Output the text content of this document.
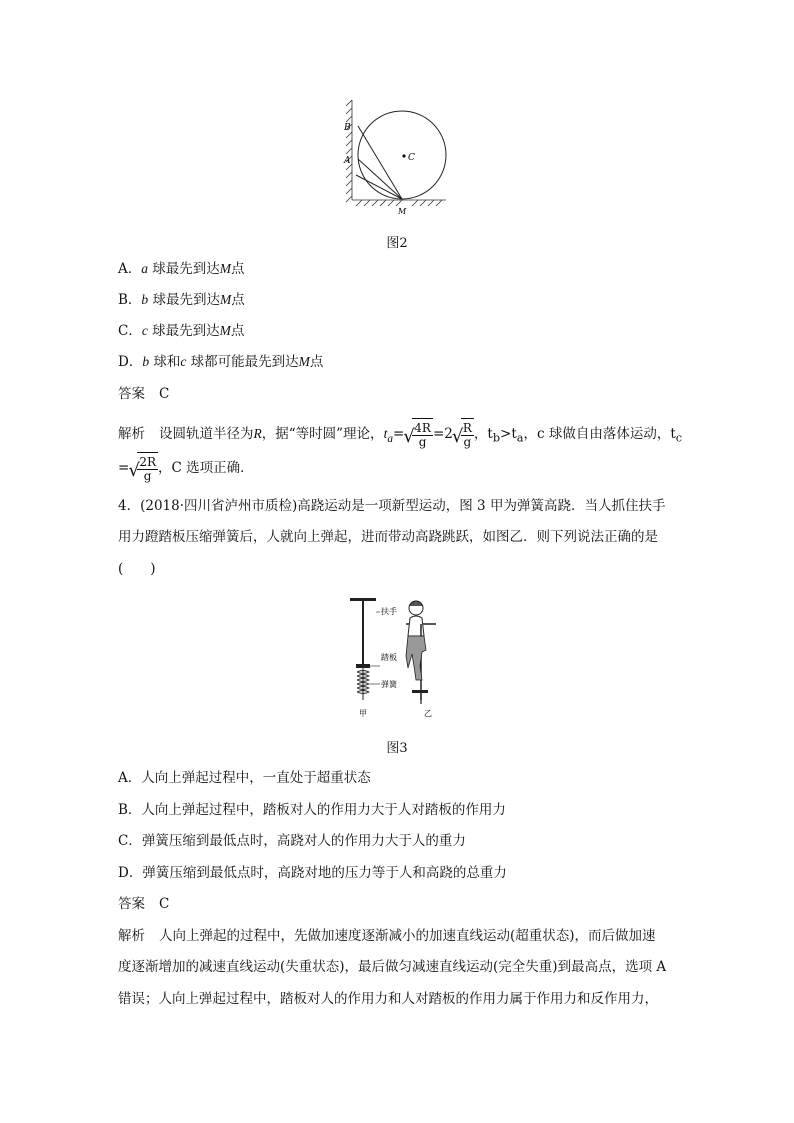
B
A	C
M
图2
A．a 球最先到达M点
B．b 球最先到达M点
C．c 球最先到达M点
D．b 球和c 球都可能最先到达M点
答案 C
解析 设圆轨道半径为R，据“等时圆”理论，$t_a=$ √ $\frac{4R}{g} =2$ √ $\frac{R}{g}$ ，$t_b>t_a$，c 球做自由落体运动，$t_c$
= √ $\frac{2R}{g}$ ，C 选项正确．
4．(2018·四川省泸州市质检)高跷运动是一项新型运动，图 3 甲为弹簧高跷．当人抓住扶手
用力蹬踏板压缩弹簧后，人就向上弹起，进而带动高跷跳跃，如图乙．则下列说法正确的是
(　　)
扶手
踏板
弹簧
甲	乙
图3
A．人向上弹起过程中，一直处于超重状态
B．人向上弹起过程中，踏板对人的作用力大于人对踏板的作用力
C．弹簧压缩到最低点时，高跷对人的作用力大于人的重力
D．弹簧压缩到最低点时，高跷对地的压力等于人和高跷的总重力
答案 C
解析 人向上弹起的过程中，先做加速度逐渐减小的加速直线运动(超重状态)，而后做加速
度逐渐增加的减速直线运动(失重状态)，最后做匀减速直线运动(完全失重)到最高点，选项 A
错误；人向上弹起过程中，踏板对人的作用力和人对踏板的作用力属于作用力和反作用力，
